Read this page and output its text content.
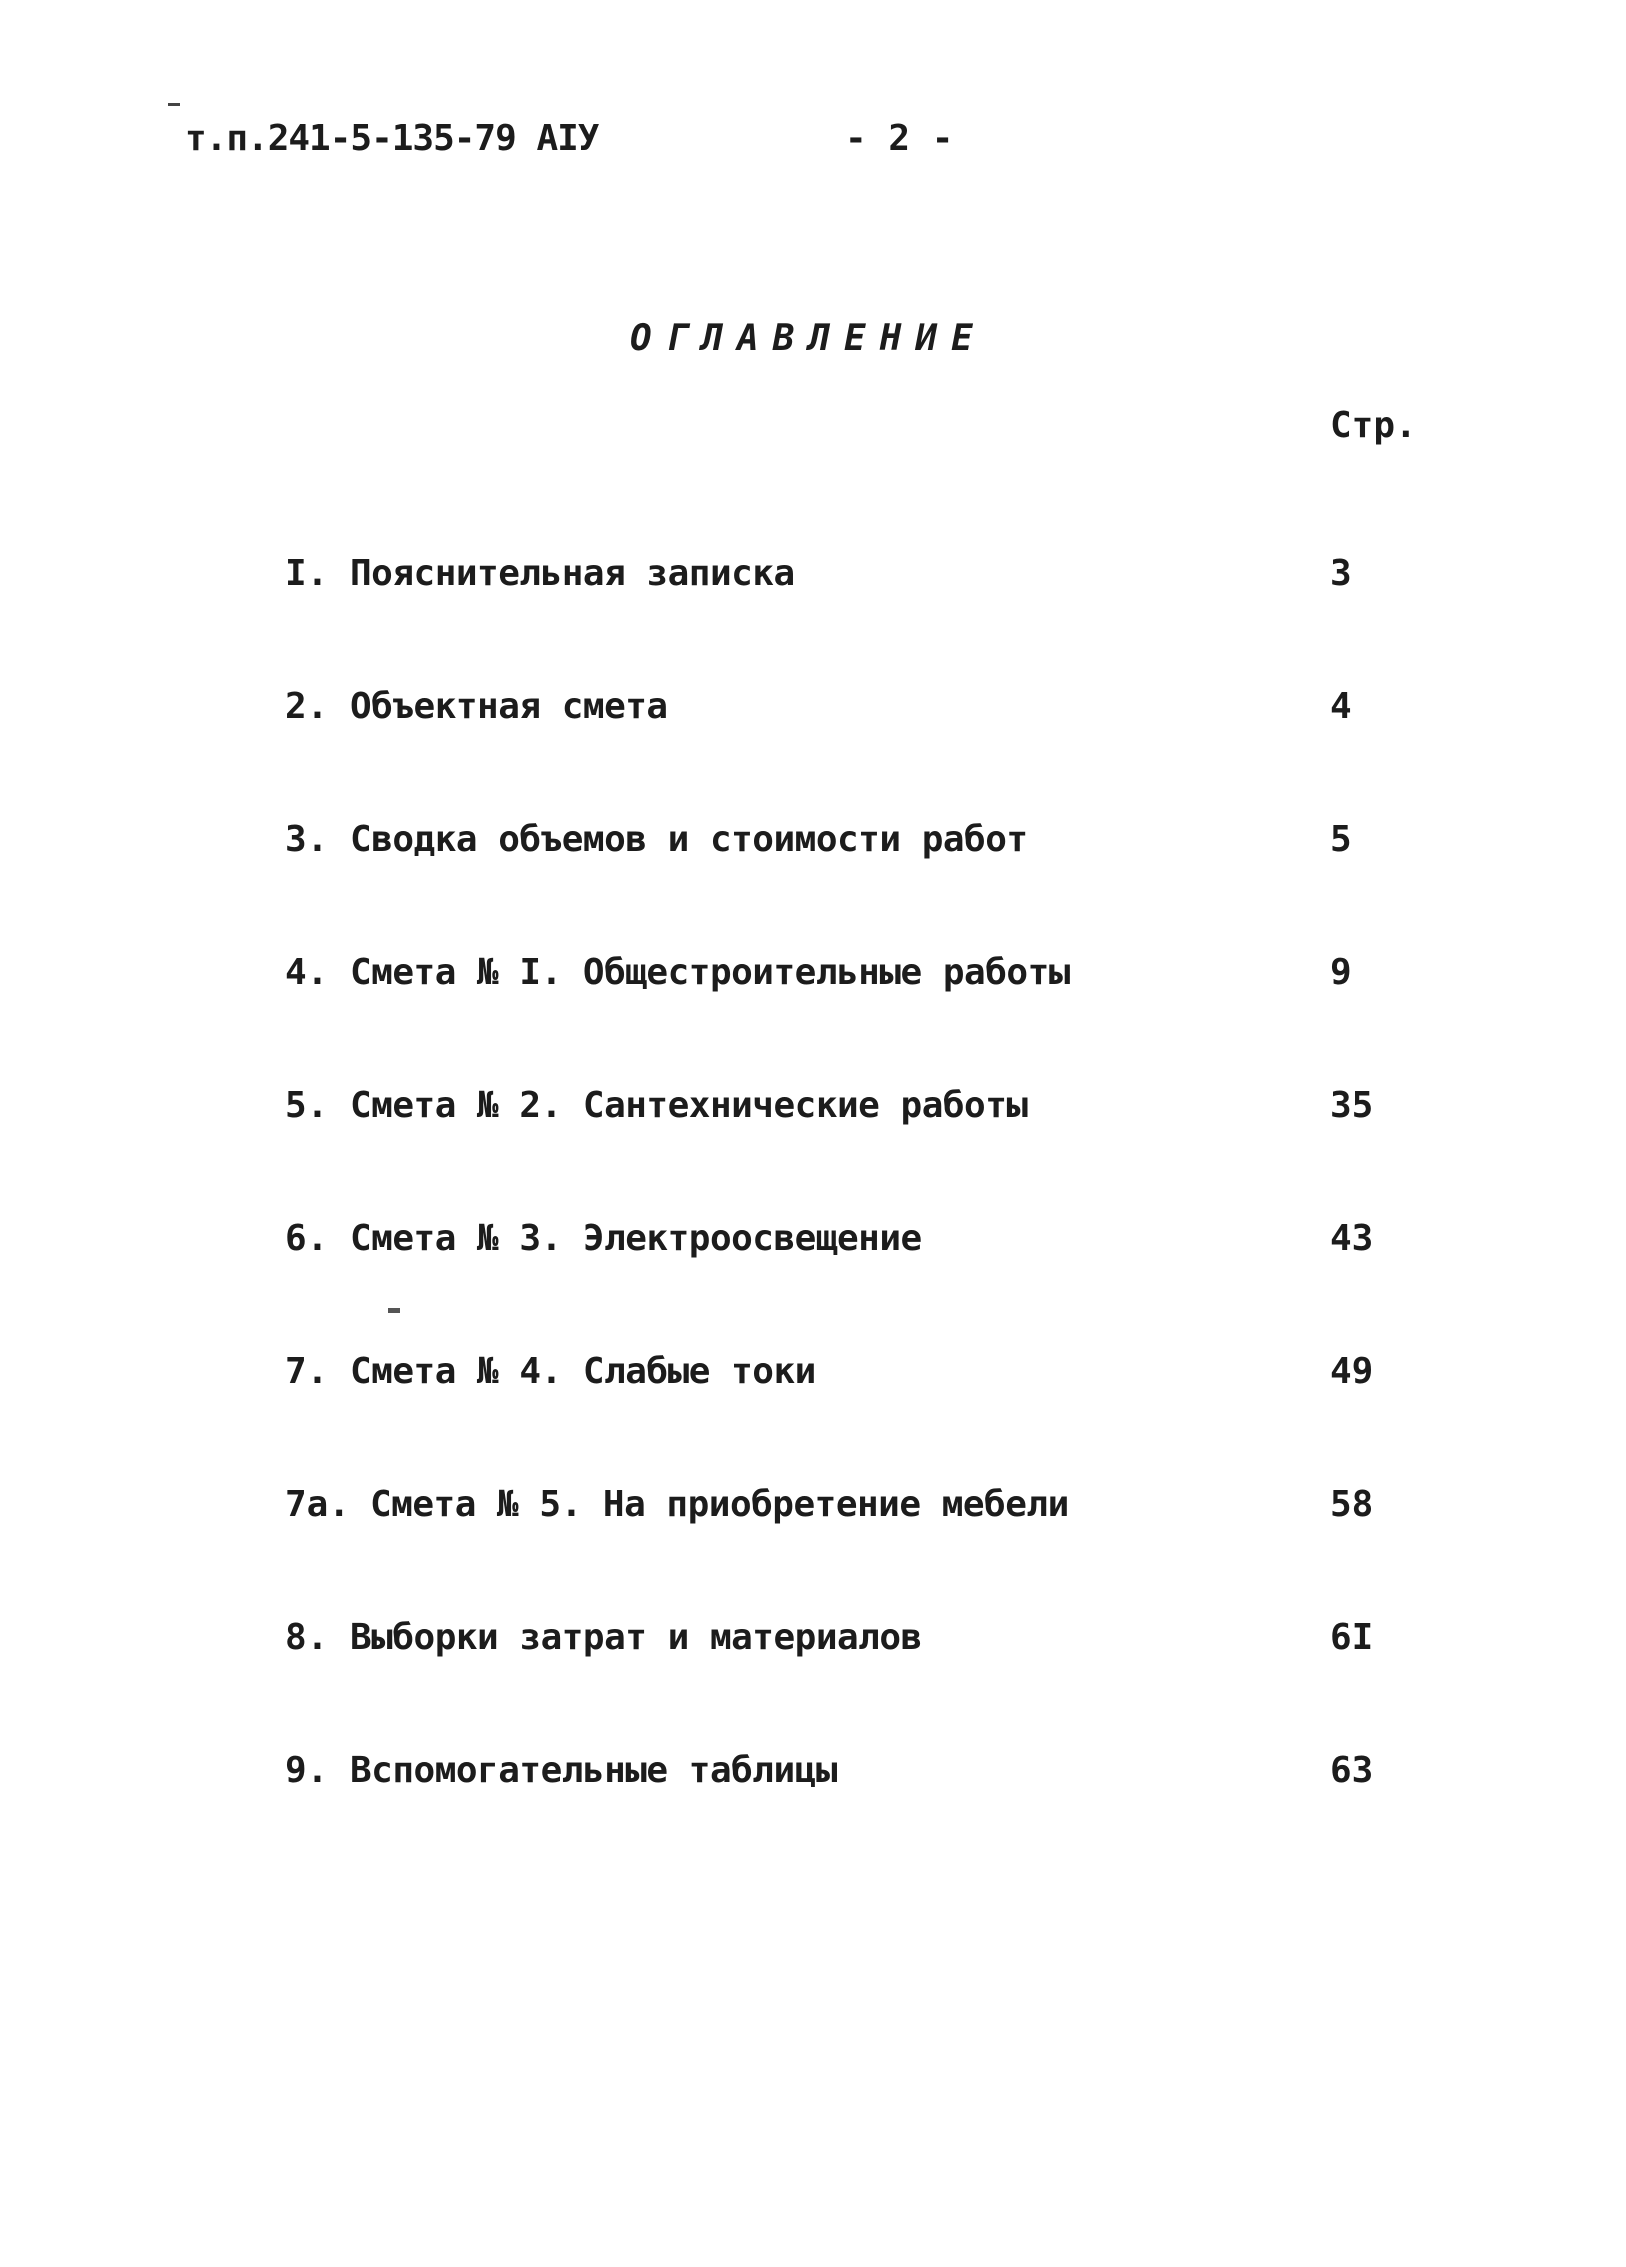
т.п.241-5-135-79 АIУ	- 2 -
ОГЛАВЛЕНИЕ
Стр.
I. Пояснительная записка	3
2. Объектная смета	4
3. Сводка объемов и стоимости работ	5
4. Смета № I. Общестроительные работы	9
5. Смета № 2. Сантехнические работы	35
6. Смета № 3. Электроосвещение	43
7. Смета № 4. Слабые токи	49
7а. Смета № 5. На приобретение мебели	58
8. Выборки затрат и материалов	6I
9. Вспомогательные таблицы	63
